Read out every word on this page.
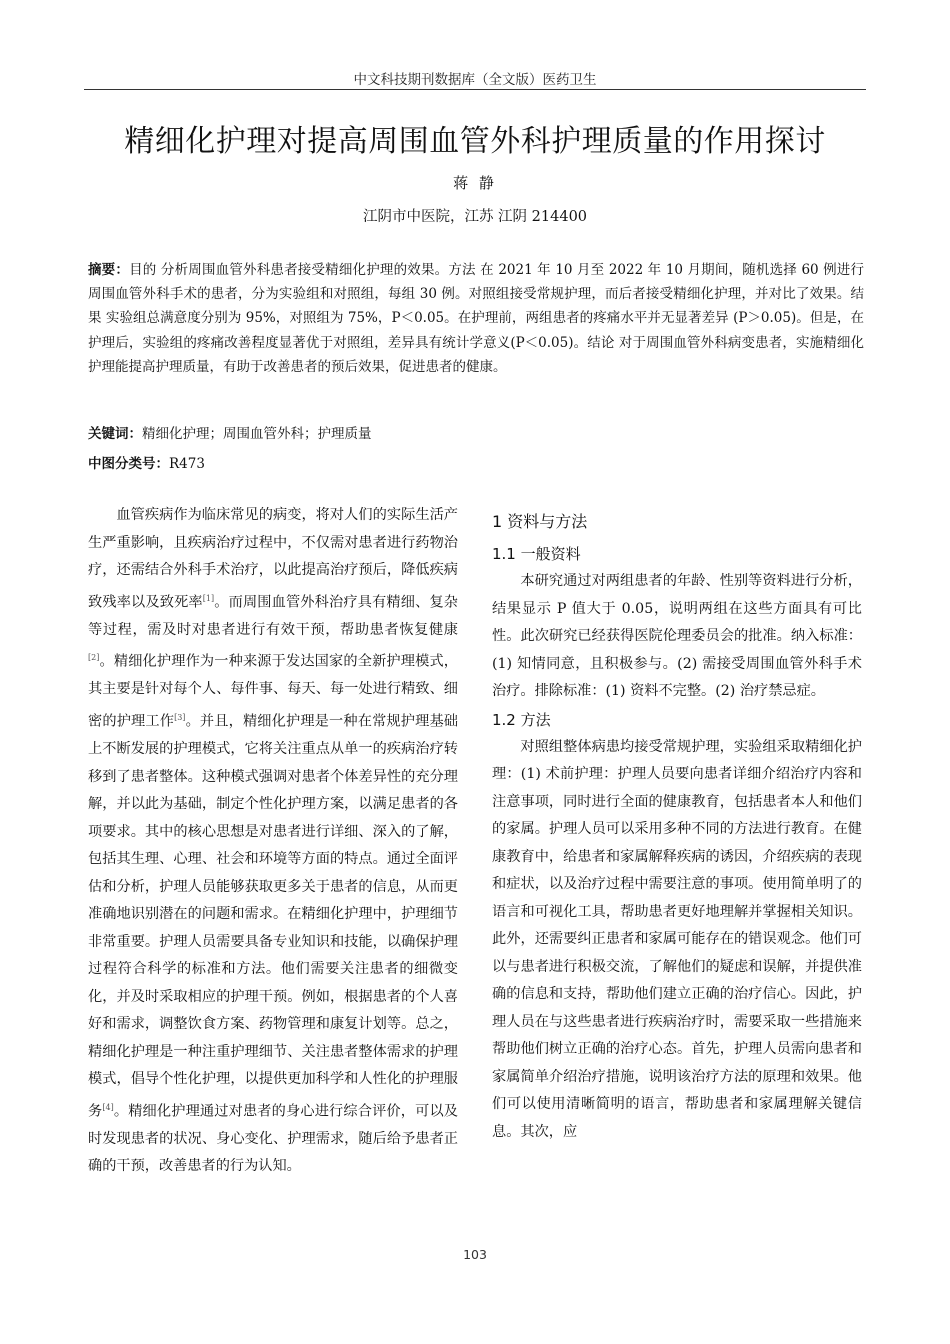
中文科技期刊数据库（全文版）医药卫生
精细化护理对提高周围血管外科护理质量的作用探讨
蒋 静
江阴市中医院，江苏 江阴 214400
摘要：目的 分析周围血管外科患者接受精细化护理的效果。方法 在 2021 年 10 月至 2022 年 10 月期间，随机选择 60 例进行周围血管外科手术的患者，分为实验组和对照组，每组 30 例。对照组接受常规护理，而后者接受精细化护理，并对比了效果。结果 实验组总满意度分别为 95%，对照组为 75%，P＜0.05。在护理前，两组患者的疼痛水平并无显著差异 (P＞0.05)。但是，在护理后，实验组的疼痛改善程度显著优于对照组，差异具有统计学意义(P＜0.05)。结论 对于周围血管外科病变患者，实施精细化护理能提高护理质量，有助于改善患者的预后效果，促进患者的健康。
关键词：精细化护理；周围血管外科；护理质量
中图分类号：R473

血管疾病作为临床常见的病变，将对人们的实际生活产生严重影响，且疾病治疗过程中，不仅需对患者进行药物治疗，还需结合外科手术治疗，以此提高治疗预后，降低疾病致残率以及致死率[1]。而周围血管外科治疗具有精细、复杂等过程，需及时对患者进行有效干预，帮助患者恢复健康[2]。精细化护理作为一种来源于发达国家的全新护理模式，其主要是针对每个人、每件事、每天、每一处进行精致、细密的护理工作[3]。并且，精细化护理是一种在常规护理基础上不断发展的护理模式，它将关注重点从单一的疾病治疗转移到了患者整体。这种模式强调对患者个体差异性的充分理解，并以此为基础，制定个性化护理方案，以满足患者的各项要求。其中的核心思想是对患者进行详细、深入的了解，包括其生理、心理、社会和环境等方面的特点。通过全面评估和分析，护理人员能够获取更多关于患者的信息，从而更准确地识别潜在的问题和需求。在精细化护理中，护理细节非常重要。护理人员需要具备专业知识和技能，以确保护理过程符合科学的标准和方法。他们需要关注患者的细微变化，并及时采取相应的护理干预。例如，根据患者的个人喜好和需求，调整饮食方案、药物管理和康复计划等。总之，精细化护理是一种注重护理细节、关注患者整体需求的护理模式，倡导个性化护理，以提供更加科学和人性化的护理服务[4]。精细化护理通过对患者的身心进行综合评价，可以及时发现患者的状况、身心变化、护理需求，随后给予患者正确的干预，改善患者的行为认知。

1 资料与方法
1.1 一般资料

本研究通过对两组患者的年龄、性别等资料进行分析，结果显示 P 值大于 0.05，说明两组在这些方面具有可比性。此次研究已经获得医院伦理委员会的批准。纳入标准：(1) 知情同意，且积极参与。(2) 需接受周围血管外科手术治疗。排除标准：(1) 资料不完整。(2) 治疗禁忌症。

1.2 方法

对照组整体病患均接受常规护理，实验组采取精细化护理：(1) 术前护理：护理人员要向患者详细介绍治疗内容和注意事项，同时进行全面的健康教育，包括患者本人和他们的家属。护理人员可以采用多种不同的方法进行教育。在健康教育中，给患者和家属解释疾病的诱因，介绍疾病的表现和症状，以及治疗过程中需要注意的事项。使用简单明了的语言和可视化工具，帮助患者更好地理解并掌握相关知识。此外，还需要纠正患者和家属可能存在的错误观念。他们可以与患者进行积极交流，了解他们的疑虑和误解，并提供准确的信息和支持，帮助他们建立正确的治疗信心。因此，护理人员在与这些患者进行疾病治疗时，需要采取一些措施来帮助他们树立正确的治疗心态。首先，护理人员需向患者和家属简单介绍治疗措施，说明该治疗方法的原理和效果。他们可以使用清晰简明的语言，帮助患者和家属理解关键信息。其次，应

103
